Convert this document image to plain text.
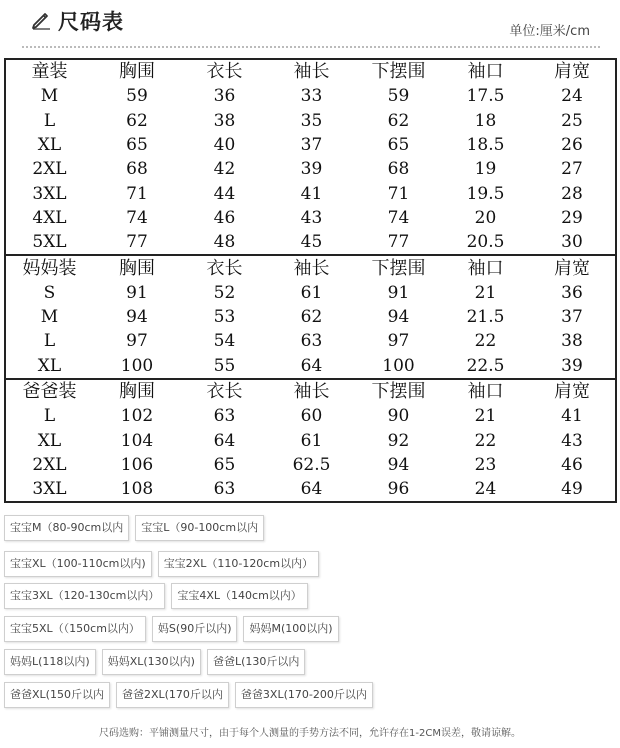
尺码表	单位:厘米/cm
童装	胸围	衣长	袖长	下摆围	袖口	肩宽
M	59	36	33	59	17.5	24
L	62	38	35	62	18	25
XL	65	40	37	65	18.5	26
2XL	68	42	39	68	19	27
3XL	71	44	41	71	19.5	28
4XL	74	46	43	74	20	29
5XL	77	48	45	77	20.5	30
妈妈装	胸围	衣长	袖长	下摆围	袖口	肩宽
S	91	52	61	91	21	36
M	94	53	62	94	21.5	37
L	97	54	63	97	22	38
XL	100	55	64	100	22.5	39
爸爸装	胸围	衣长	袖长	下摆围	袖口	肩宽
L	102	63	60	90	21	41
XL	104	64	61	92	22	43
2XL	106	65	62.5	94	23	46
3XL	108	63	64	96	24	49
宝宝M（80-90cm以内 宝宝L（90-100cm以内
宝宝XL（100-110cm以内) 宝宝2XL（110-120cm以内）
宝宝3XL（120-130cm以内） 宝宝4XL（140cm以内）
宝宝5XL（（150cm以内） 妈S(90斤以内) 妈妈M(100以内)
妈妈L(118以内) 妈妈XL(130以内) 爸爸L(130斤以内
爸爸XL(150斤以内 爸爸2XL(170斤以内 爸爸3XL(170-200斤以内
尺码选购：平铺测量尺寸，由于每个人测量的手势方法不同，允许存在1-2CM误差，敬请谅解。
